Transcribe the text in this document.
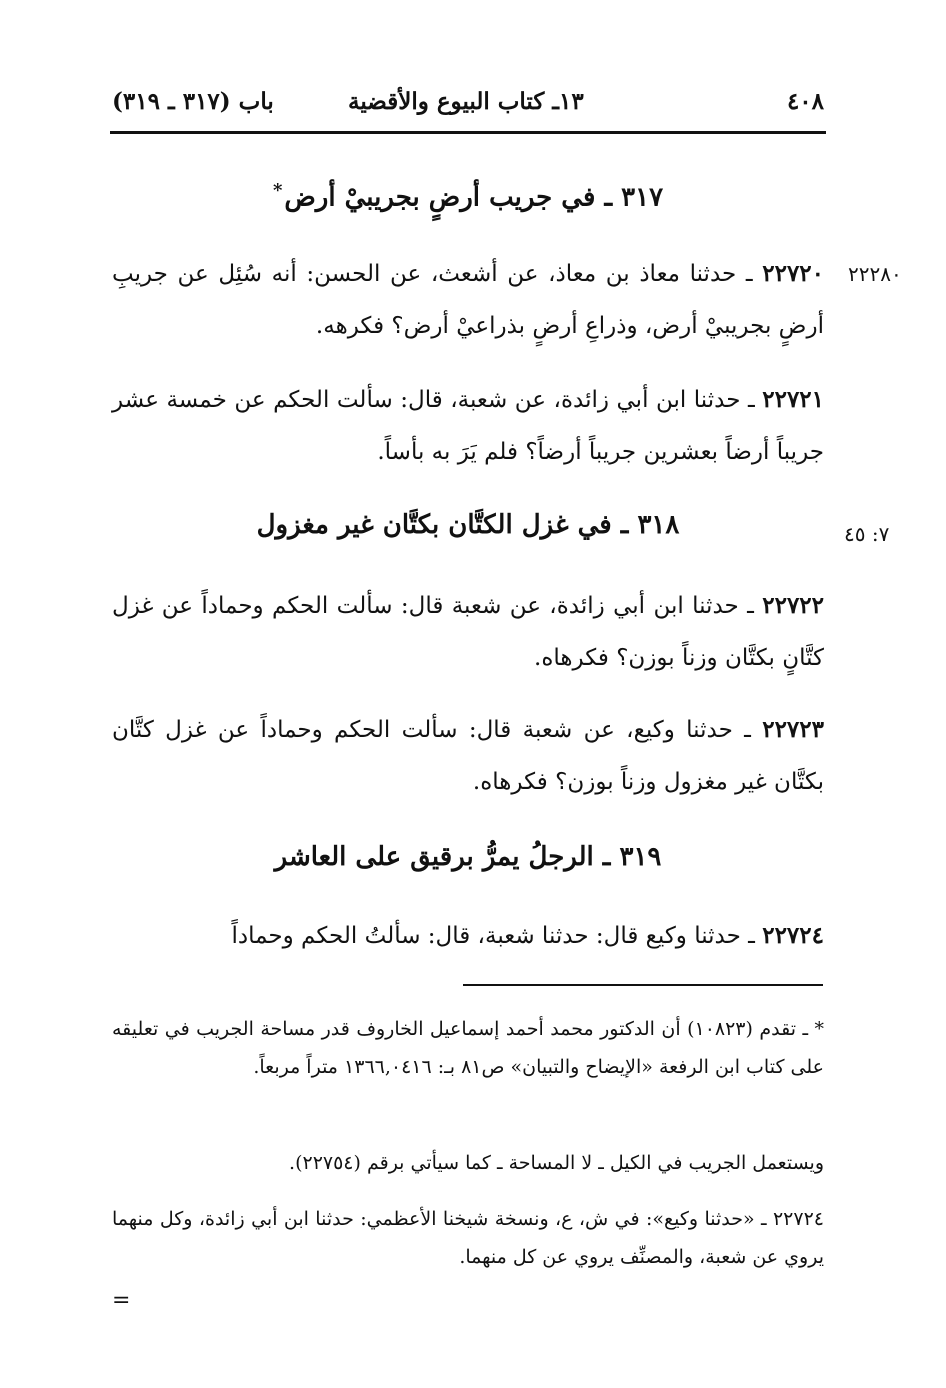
٤٠٨
١٣ـ كتاب البيوع والأقضية
باب (٣١٧ ـ ٣١٩)
٣١٧ ـ في جريب أرضٍ بجريبيْ أرض*
٢٢٢٨٠
٢٢٧٢٠ ـ حدثنا معاذ بن معاذ، عن أشعث، عن الحسن: أنه سُئِل عن جريبِ أرضٍ بجريبيْ أرض، وذراعِ أرضٍ بذراعيْ أرض؟ فكرهه.
٢٢٧٢١ ـ حدثنا ابن أبي زائدة، عن شعبة، قال: سألت الحكم عن خمسة عشر جريباً أرضاً بعشرين جريباً أرضاً؟ فلم يَرَ به بأساً.
٧: ٤٥
٣١٨ ـ في غزل الكتَّان بكتَّان غير مغزول
٢٢٧٢٢ ـ حدثنا ابن أبي زائدة، عن شعبة قال: سألت الحكم وحماداً عن غزل كتَّانٍ بكتَّان وزناً بوزن؟ فكرهاه.
٢٢٧٢٣ ـ حدثنا وكيع، عن شعبة قال: سألت الحكم وحماداً عن غزل كتَّان بكتَّان غير مغزول وزناً بوزن؟ فكرهاه.
٣١٩ ـ الرجلُ يمرُّ برقيق على العاشر
٢٢٧٢٤ ـ حدثنا وكيع قال: حدثنا شعبة، قال: سألتُ الحكم وحماداً
* ـ تقدم (١٠٨٢٣) أن الدكتور محمد أحمد إسماعيل الخاروف قدر مساحة الجريب في تعليقه على كتاب ابن الرفعة «الإيضاح والتبيان» ص٨١ بـ: ١٣٦٦,٠٤١٦ متراً مربعاً.
ويستعمل الجريب في الكيل ـ لا المساحة ـ كما سيأتي برقم (٢٢٧٥٤).
٢٢٧٢٤ ـ «حدثنا وكيع»: في ش، ع، ونسخة شيخنا الأعظمي: حدثنا ابن أبي زائدة، وكل منهما يروي عن شعبة، والمصنِّف يروي عن كل منهما.
=
